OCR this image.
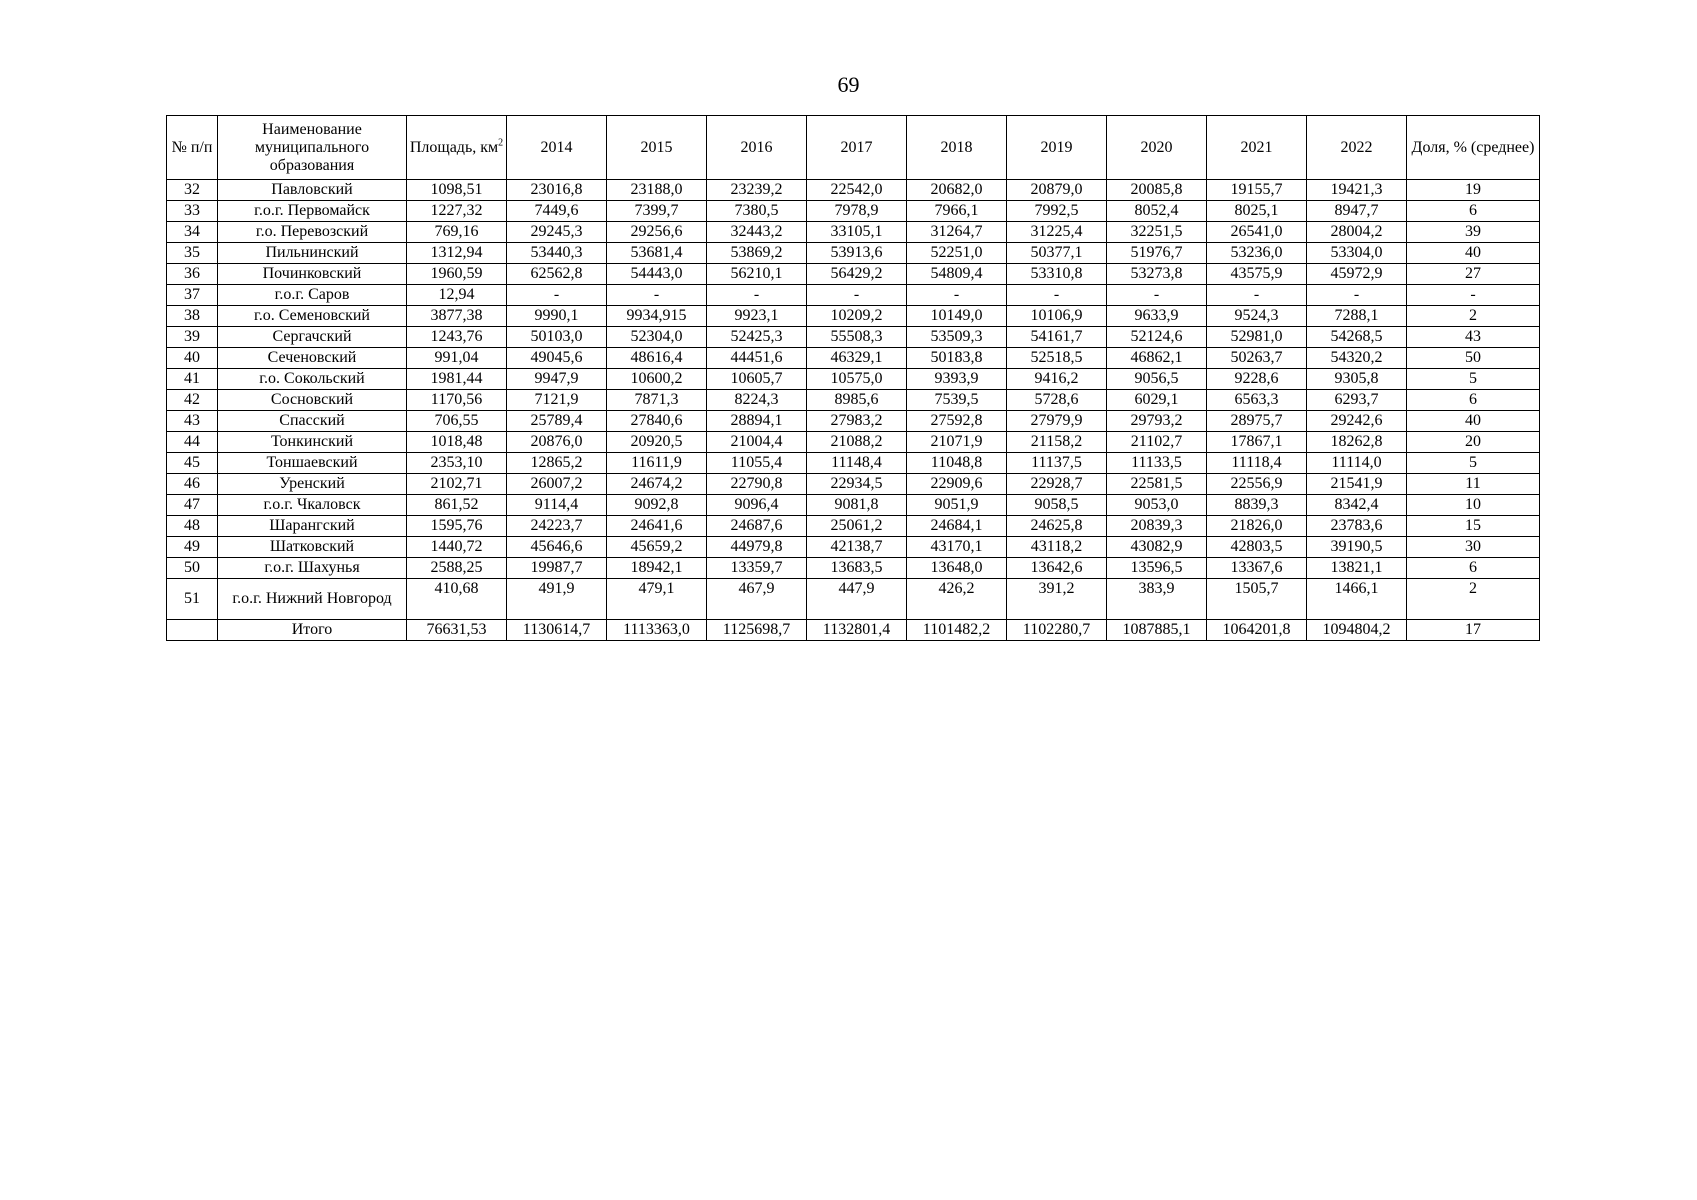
69
№ п/п	Наименование муниципального образования	Площадь, $км^2$	2014	2015	2016	2017	2018	2019	2020	2021	2022	Доля, % (среднее)
32	Павловский	1098,51	23016,8	23188,0	23239,2	22542,0	20682,0	20879,0	20085,8	19155,7	19421,3	19
33	г.о.г. Первомайск	1227,32	7449,6	7399,7	7380,5	7978,9	7966,1	7992,5	8052,4	8025,1	8947,7	6
34	г.о. Перевозский	769,16	29245,3	29256,6	32443,2	33105,1	31264,7	31225,4	32251,5	26541,0	28004,2	39
35	Пильнинский	1312,94	53440,3	53681,4	53869,2	53913,6	52251,0	50377,1	51976,7	53236,0	53304,0	40
36	Починковский	1960,59	62562,8	54443,0	56210,1	56429,2	54809,4	53310,8	53273,8	43575,9	45972,9	27
37	г.о.г. Саров	12,94	-	-	-	-	-	-	-	-	-	-
38	г.о. Семеновский	3877,38	9990,1	9934,915	9923,1	10209,2	10149,0	10106,9	9633,9	9524,3	7288,1	2
39	Сергачский	1243,76	50103,0	52304,0	52425,3	55508,3	53509,3	54161,7	52124,6	52981,0	54268,5	43
40	Сеченовский	991,04	49045,6	48616,4	44451,6	46329,1	50183,8	52518,5	46862,1	50263,7	54320,2	50
41	г.о. Сокольский	1981,44	9947,9	10600,2	10605,7	10575,0	9393,9	9416,2	9056,5	9228,6	9305,8	5
42	Сосновский	1170,56	7121,9	7871,3	8224,3	8985,6	7539,5	5728,6	6029,1	6563,3	6293,7	6
43	Спасский	706,55	25789,4	27840,6	28894,1	27983,2	27592,8	27979,9	29793,2	28975,7	29242,6	40
44	Тонкинский	1018,48	20876,0	20920,5	21004,4	21088,2	21071,9	21158,2	21102,7	17867,1	18262,8	20
45	Тоншаевский	2353,10	12865,2	11611,9	11055,4	11148,4	11048,8	11137,5	11133,5	11118,4	11114,0	5
46	Уренский	2102,71	26007,2	24674,2	22790,8	22934,5	22909,6	22928,7	22581,5	22556,9	21541,9	11
47	г.о.г. Чкаловск	861,52	9114,4	9092,8	9096,4	9081,8	9051,9	9058,5	9053,0	8839,3	8342,4	10
48	Шарангский	1595,76	24223,7	24641,6	24687,6	25061,2	24684,1	24625,8	20839,3	21826,0	23783,6	15
49	Шатковский	1440,72	45646,6	45659,2	44979,8	42138,7	43170,1	43118,2	43082,9	42803,5	39190,5	30
50	г.о.г. Шахунья	2588,25	19987,7	18942,1	13359,7	13683,5	13648,0	13642,6	13596,5	13367,6	13821,1	6
51	г.о.г. Нижний Новгород	410,68	491,9	479,1	467,9	447,9	426,2	391,2	383,9	1505,7	1466,1	2
	Итого	76631,53	1130614,7	1113363,0	1125698,7	1132801,4	1101482,2	1102280,7	1087885,1	1064201,8	1094804,2	17
